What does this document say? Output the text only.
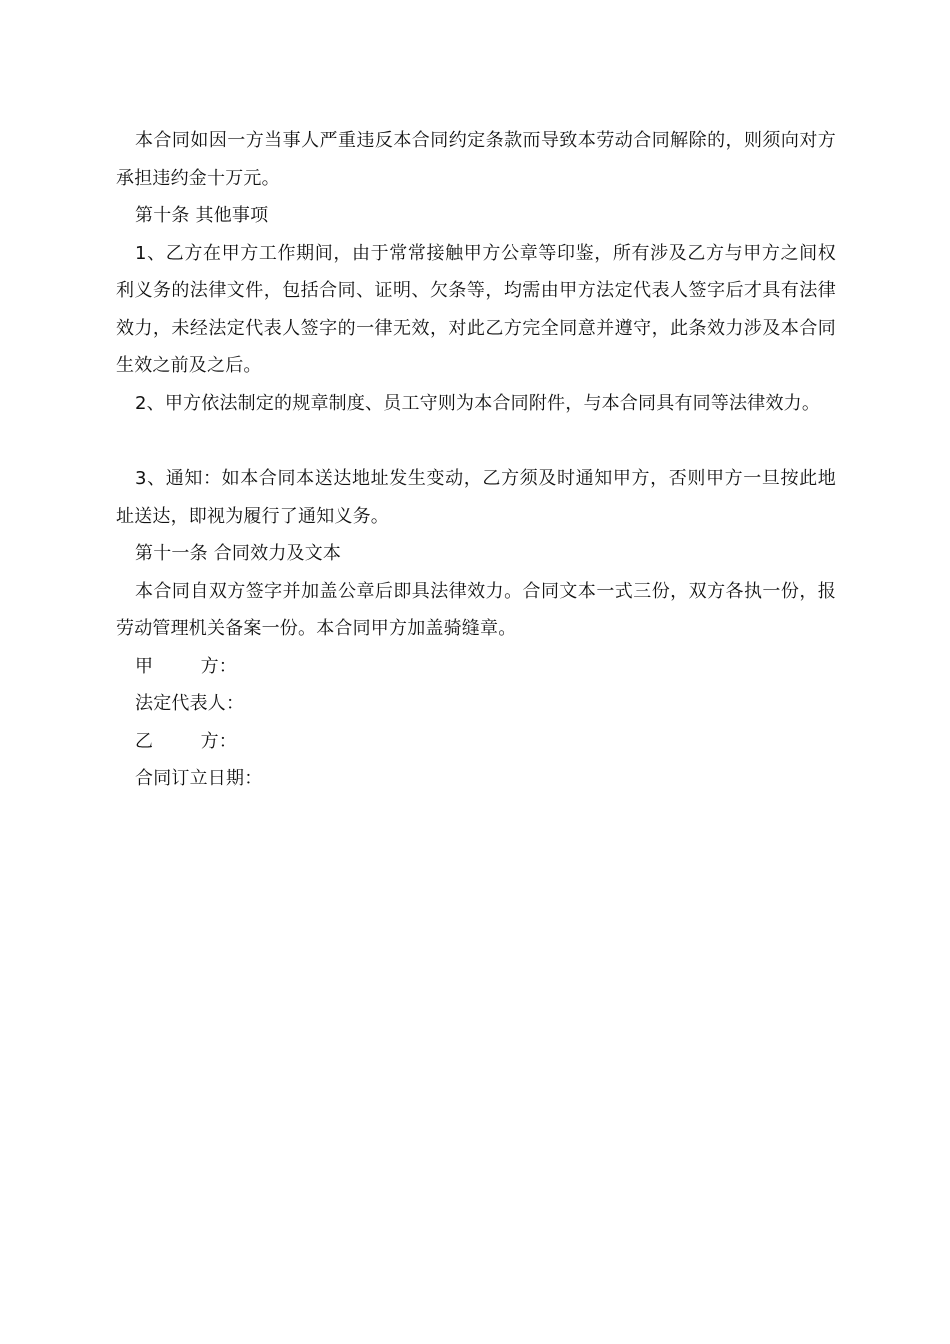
本合同如因一方当事人严重违反本合同约定条款而导致本劳动合同解除的，则须向对方承担违约金十万元。

第十条 其他事项

1、乙方在甲方工作期间，由于常常接触甲方公章等印鉴，所有涉及乙方与甲方之间权利义务的法律文件，包括合同、证明、欠条等，均需由甲方法定代表人签字后才具有法律效力，未经法定代表人签字的一律无效，对此乙方完全同意并遵守，此条效力涉及本合同生效之前及之后。

2、甲方依法制定的规章制度、员工守则为本合同附件，与本合同具有同等法律效力。

3、通知：如本合同本送达地址发生变动，乙方须及时通知甲方，否则甲方一旦按此地址送达，即视为履行了通知义务。

第十一条 合同效力及文本

本合同自双方签字并加盖公章后即具法律效力。合同文本一式三份，双方各执一份，报劳动管理机关备案一份。本合同甲方加盖骑缝章。

甲        方：

法定代表人：

乙        方：

合同订立日期：
